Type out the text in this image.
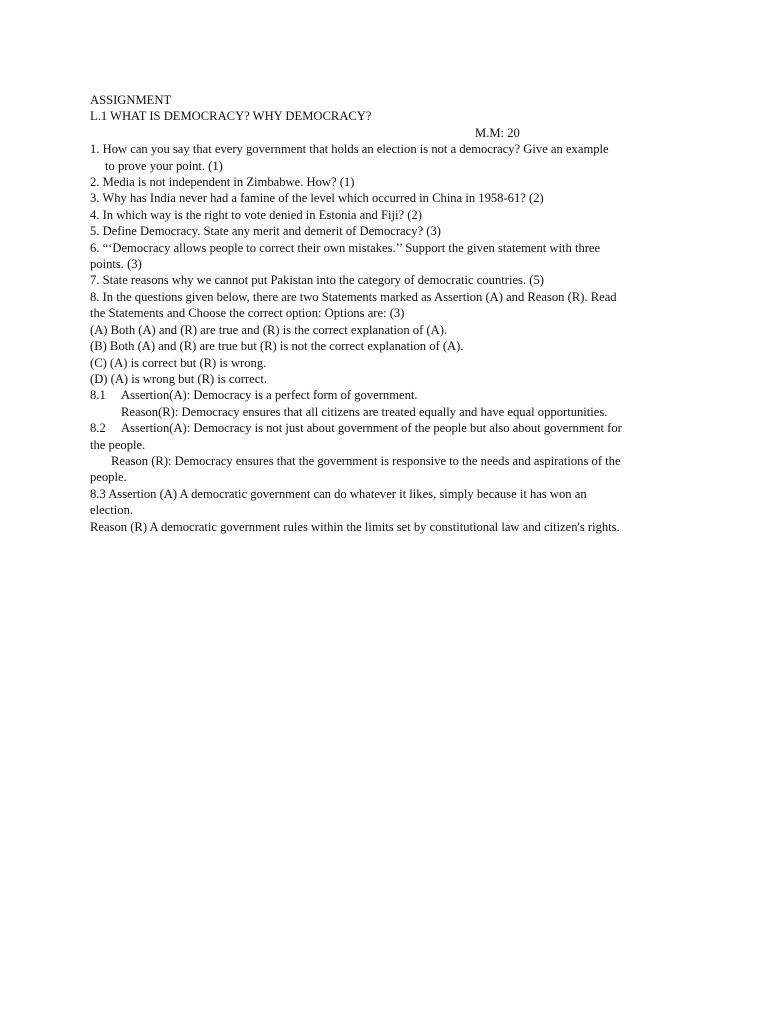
ASSIGNMENT
L.1 WHAT IS DEMOCRACY? WHY DEMOCRACY?
M.M: 20
1. How can you say that every government that holds an election is not a democracy? Give an example
to prove your point. (1)
2. Media is not independent in Zimbabwe. How? (1)
3. Why has India never had a famine of the level which occurred in China in 1958-61? (2)
4. In which way is the right to vote denied in Estonia and Fiji? (2)
5. Define Democracy. State any merit and demerit of Democracy? (3)
6. “‘Democracy allows people to correct their own mistakes.’’ Support the given statement with three
points. (3)
7. State reasons why we cannot put Pakistan into the category of democratic countries. (5)
8. In the questions given below, there are two Statements marked as Assertion (A) and Reason (R). Read
the Statements and Choose the correct option: Options are: (3)
(A) Both (A) and (R) are true and (R) is the correct explanation of (A).
(B) Both (A) and (R) are true but (R) is not the correct explanation of (A).
(C) (A) is correct but (R) is wrong.
(D) (A) is wrong but (R) is correct.
8.1 Assertion(A): Democracy is a perfect form of government.
Reason(R): Democracy ensures that all citizens are treated equally and have equal opportunities.
8.2 Assertion(A): Democracy is not just about government of the people but also about government for
the people.
Reason (R): Democracy ensures that the government is responsive to the needs and aspirations of the
people.
8.3 Assertion (A) A democratic government can do whatever it likes, simply because it has won an
election.
Reason (R) A democratic government rules within the limits set by constitutional law and citizen's rights.
